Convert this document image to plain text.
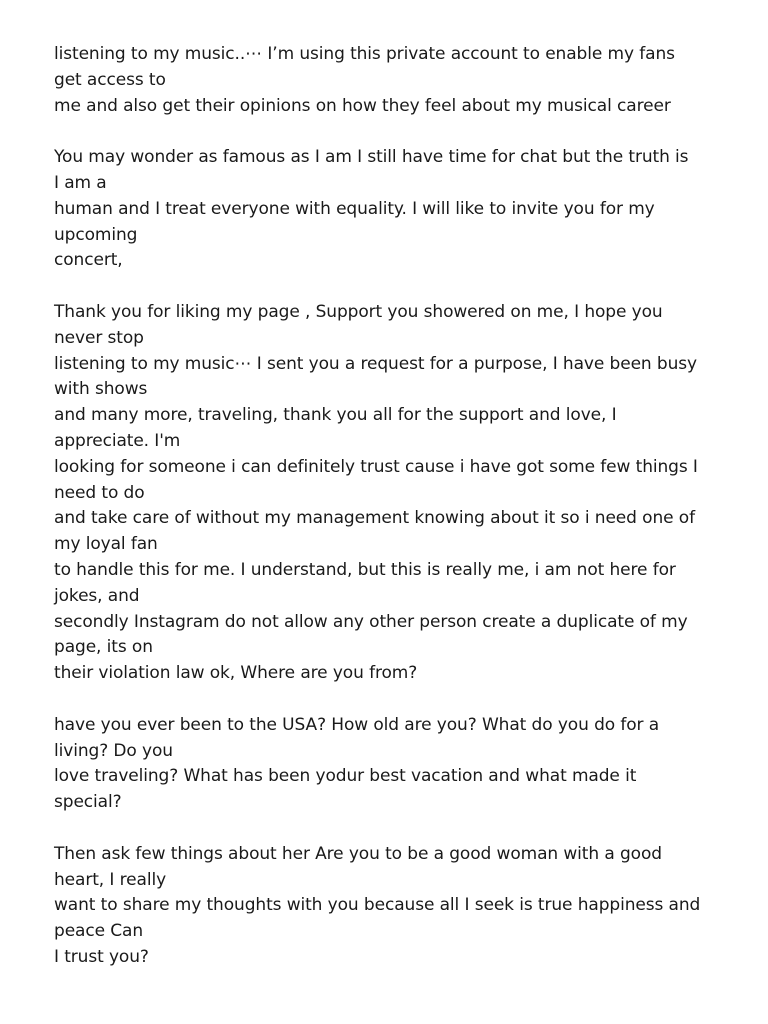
listening to my music..⋯ I’m using this private account to enable my fans
get access to
me and also get their opinions on how they feel about my musical career
You may wonder as famous as I am I still have time for chat but the truth is
I am a
human and I treat everyone with equality. I will like to invite you for my
upcoming
concert,
Thank you for liking my page , Support you showered on me, I hope you
never stop
listening to my music⋯ I sent you a request for a purpose, I have been busy
with shows
and many more, traveling, thank you all for the support and love, I
appreciate. I'm
looking for someone i can definitely trust cause i have got some few things I
need to do
and take care of without my management knowing about it so i need one of
my loyal fan
to handle this for me. I understand, but this is really me, i am not here for
jokes, and
secondly Instagram do not allow any other person create a duplicate of my
page, its on
their violation law ok, Where are you from?
have you ever been to the USA? How old are you? What do you do for a
living? Do you
love traveling? What has been yodur best vacation and what made it
special?
Then ask few things about her Are you to be a good woman with a good
heart, I really
want to share my thoughts with you because all I seek is true happiness and
peace Can
I trust you?
